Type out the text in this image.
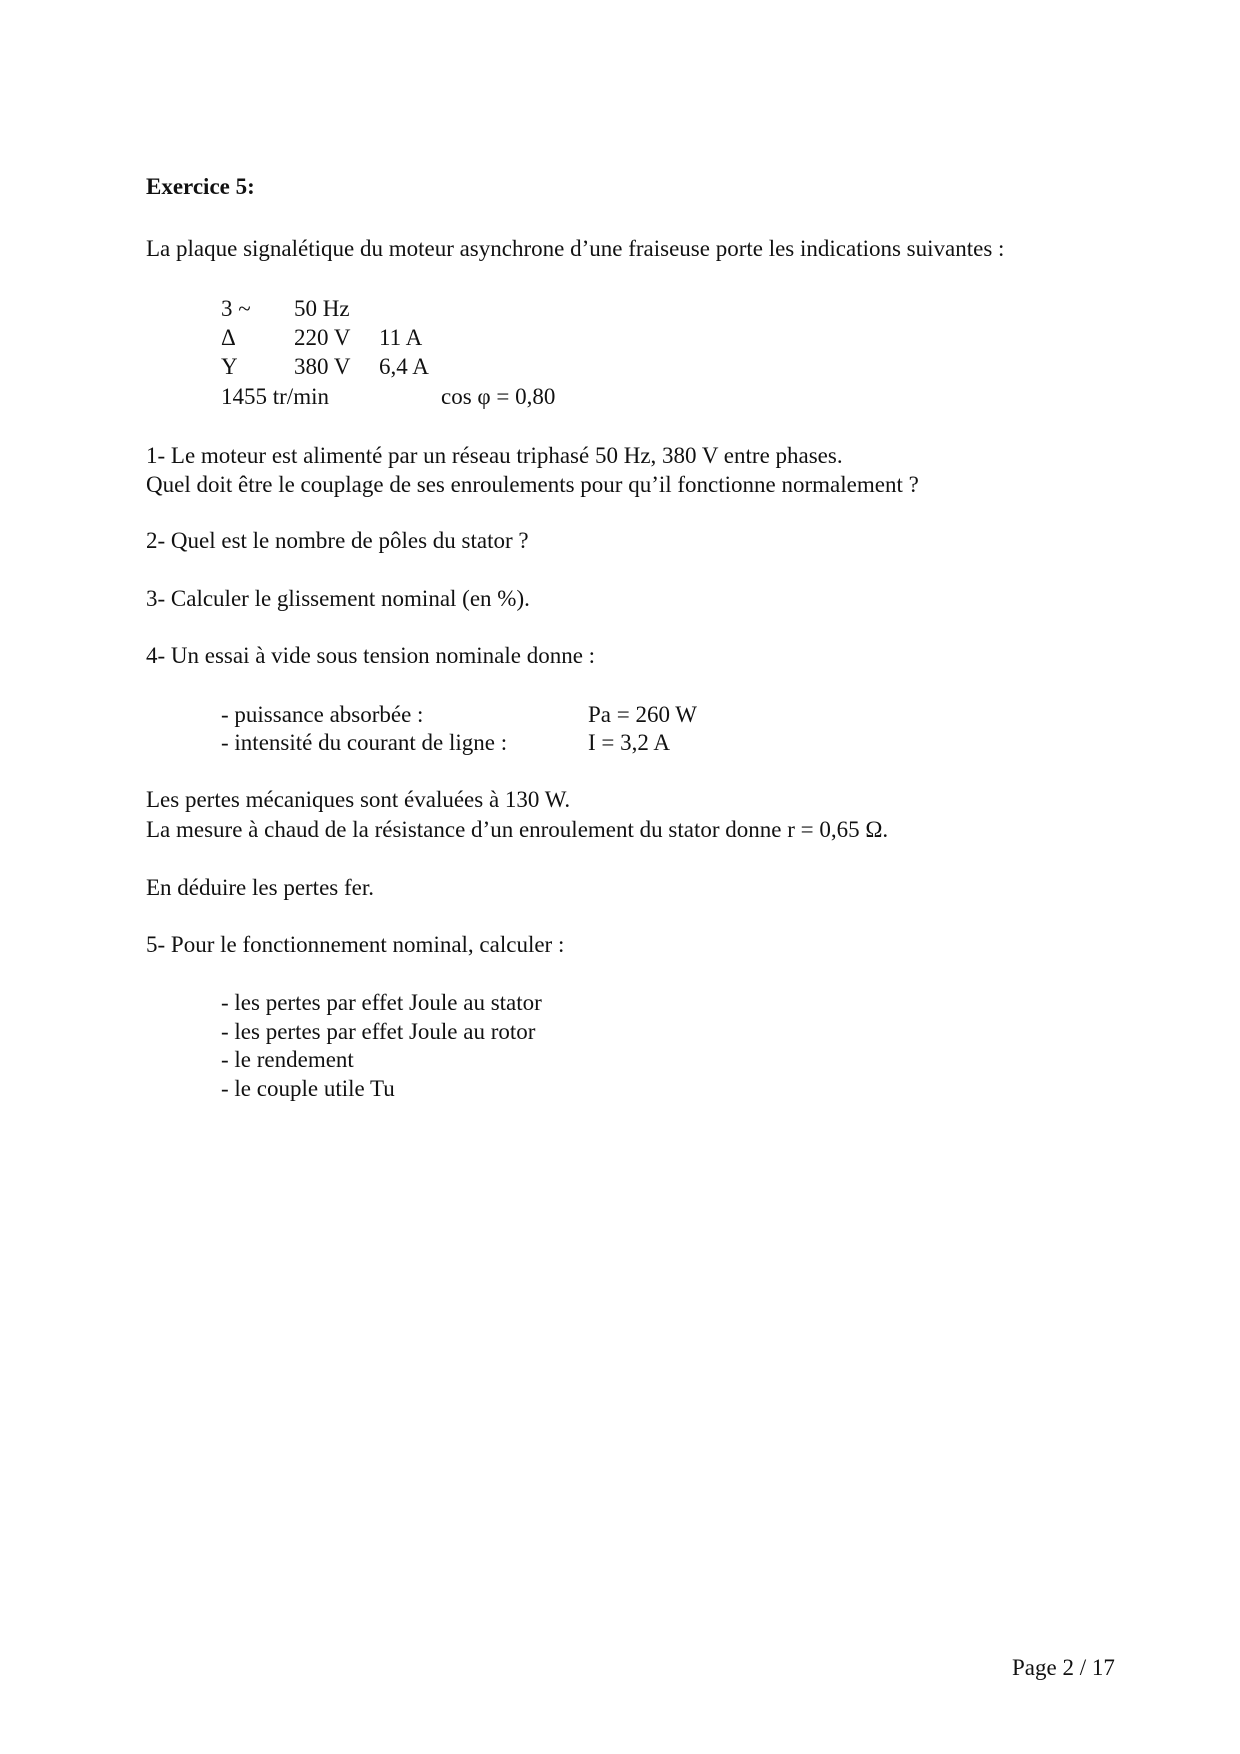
Exercice 5:
La plaque signalétique du moteur asynchrone d’une fraiseuse porte les indications suivantes :
3 ~ 50 Hz
Δ	220 V 11 A
Y 380 V 6,4 A
1455 tr/min	cos φ = 0,80
1- Le moteur est alimenté par un réseau triphasé 50 Hz, 380 V entre phases.
Quel doit être le couplage de ses enroulements pour qu’il fonctionne normalement ?
2- Quel est le nombre de pôles du stator ?
3- Calculer le glissement nominal (en %).
4- Un essai à vide sous tension nominale donne :
- puissance absorbée :	Pa = 260 W
- intensité du courant de ligne :	I = 3,2 A
Les pertes mécaniques sont évaluées à 130 W.
La mesure à chaud de la résistance d’un enroulement du stator donne r = 0,65 Ω.
En déduire les pertes fer.
5- Pour le fonctionnement nominal, calculer :
- les pertes par effet Joule au stator
- les pertes par effet Joule au rotor
- le rendement
- le couple utile Tu
Page 2 / 17
